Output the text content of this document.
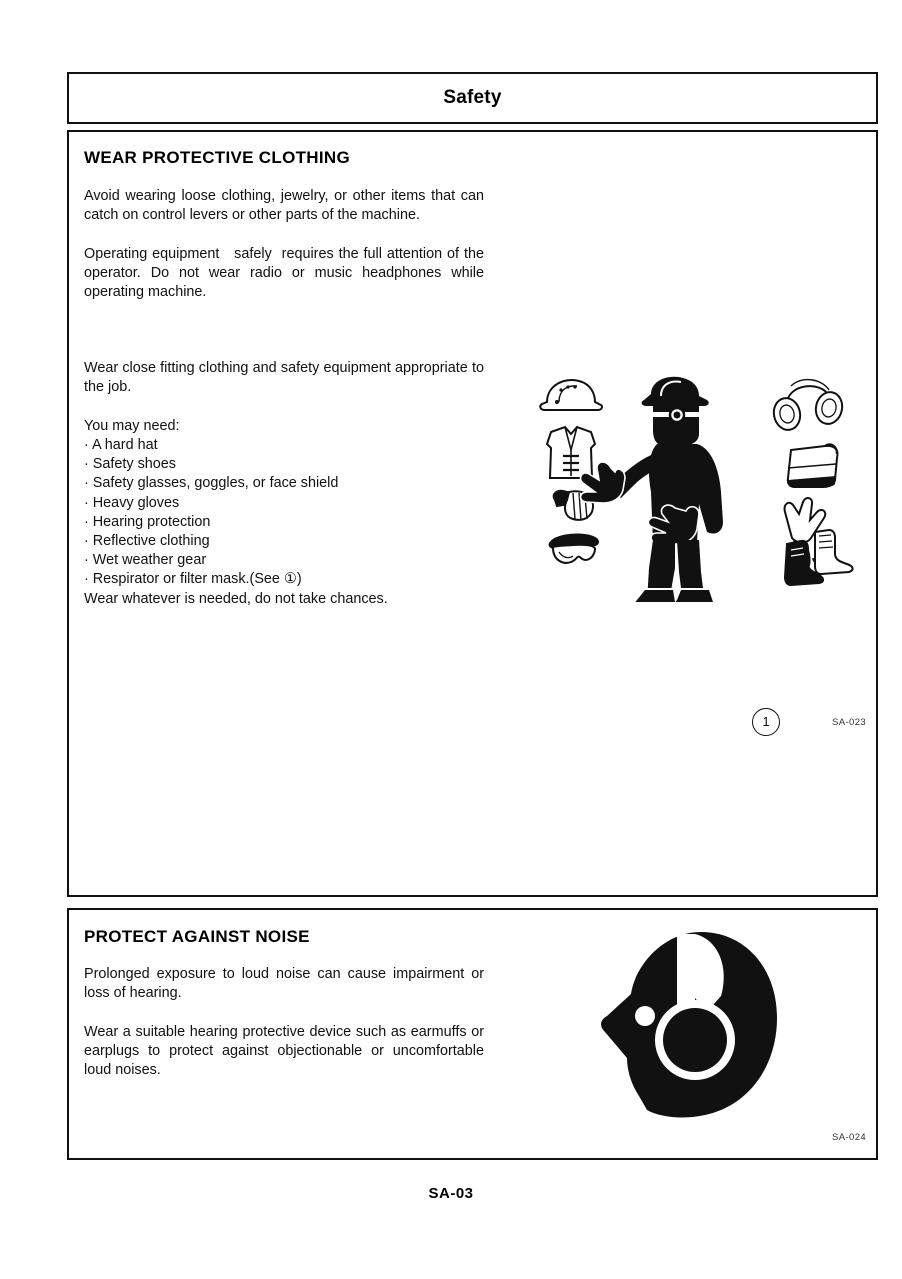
Safety
WEAR PROTECTIVE CLOTHING
Avoid wearing loose clothing, jewelry, or other items that can catch on control levers or other parts of the machine.
Operating equipment   safely  requires the full attention of the operator. Do not wear radio or music headphones while operating machine.
Wear close fitting clothing and safety equipment appropriate to the job.
You may need:
· A hard hat
· Safety shoes
· Safety glasses, goggles, or face shield
· Heavy gloves
· Hearing protection
· Reflective clothing
· Wet weather gear
· Respirator or filter mask.(See ①)
Wear whatever is needed, do not take chances.
1	SA-023
PROTECT AGAINST NOISE
Prolonged exposure to loud noise can cause impairment or loss of hearing.
Wear a suitable hearing protective device such as earmuffs or earplugs to protect against objectionable or uncomfortable loud noises.
SA-024
SA-03
